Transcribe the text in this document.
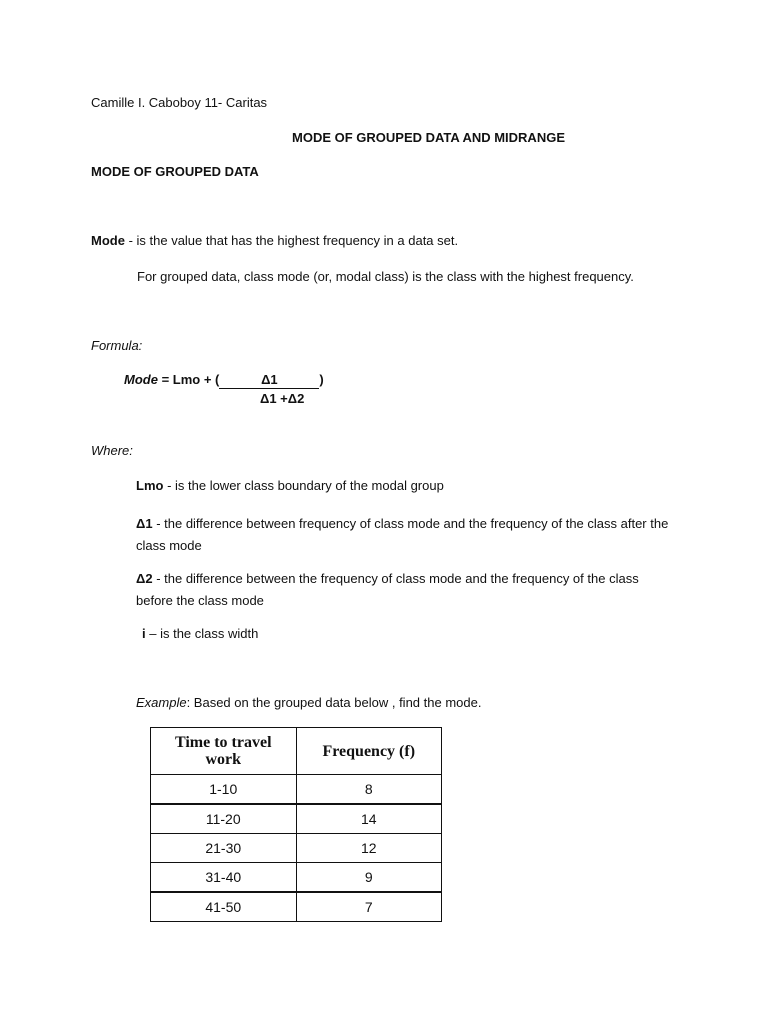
Camille I. Caboboy 11- Caritas
MODE OF GROUPED DATA AND MIDRANGE
MODE OF GROUPED DATA
Mode - is the value that has the highest frequency in a data set.
For grouped data, class mode (or, modal class) is the class with the highest frequency.
Formula:
Mode = Lmo + (	Δ1	)
Δ1 +Δ2
Where:
Lmo - is the lower class boundary of the modal group
Δ1 - the difference between frequency of class mode and the frequency of the class after the class mode
Δ2 - the difference between the frequency of class mode and the frequency of the class before the class mode
i – is the class width
Example: Based on the grouped data below , find the mode.
Time to travel work	Frequency (f)
1-10	8
11-20	14
21-30	12
31-40	9
41-50	7
